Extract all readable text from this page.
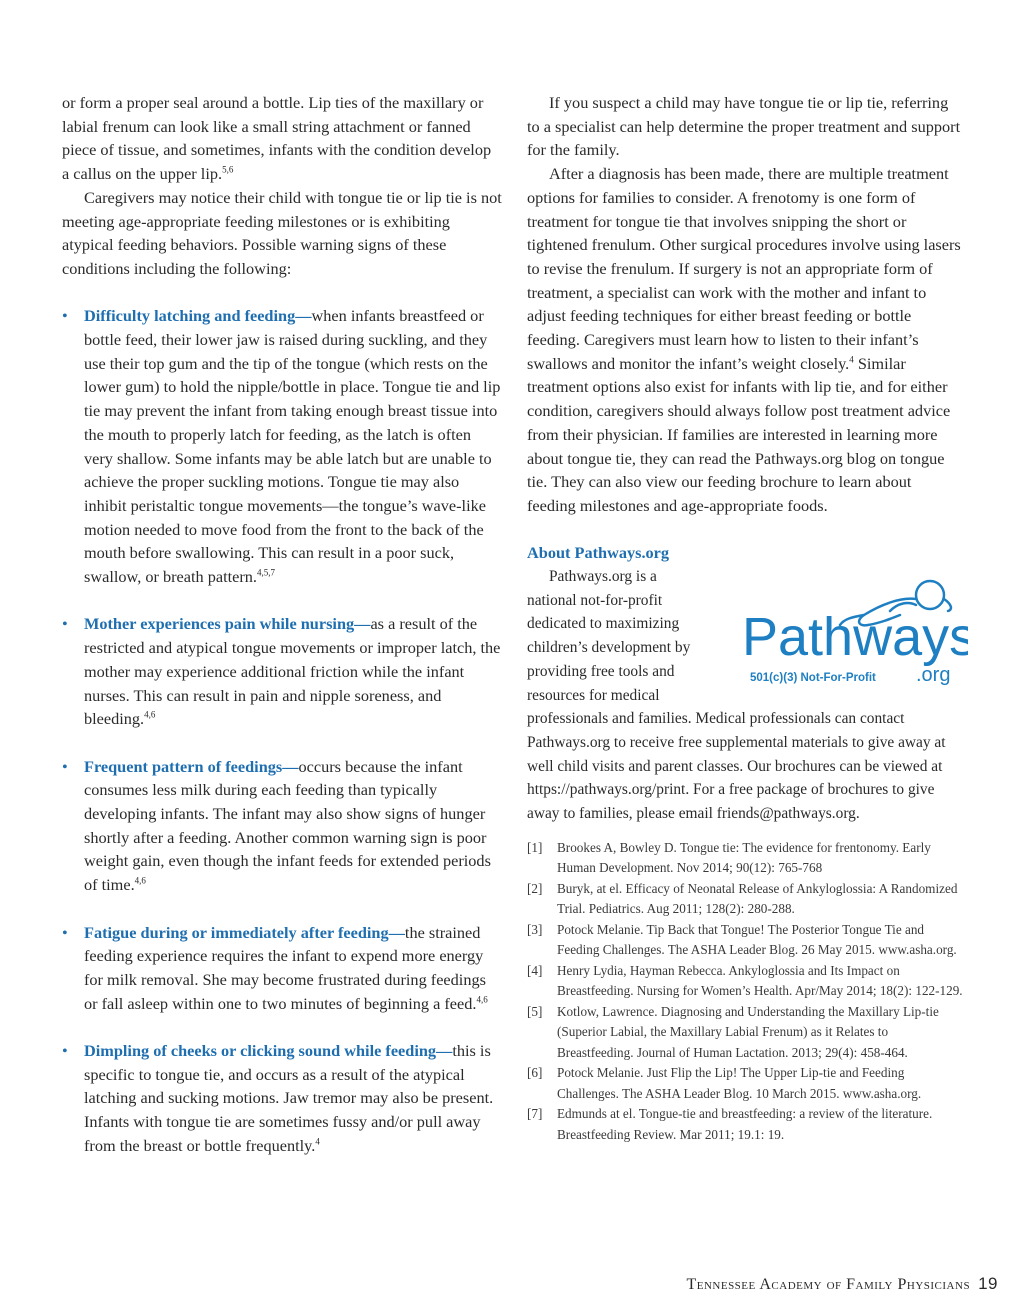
or form a proper seal around a bottle. Lip ties of the maxillary or labial frenum can look like a small string attachment or fanned piece of tissue, and sometimes, infants with the condition develop a callus on the upper lip.$^{5,6}$

Caregivers may notice their child with tongue tie or lip tie is not meeting age-appropriate feeding milestones or is exhibiting atypical feeding behaviors. Possible warning signs of these conditions including the following:

• Difficulty latching and feeding—when infants breastfeed or bottle feed, their lower jaw is raised during suckling, and they use their top gum and the tip of the tongue (which rests on the lower gum) to hold the nipple/bottle in place. Tongue tie and lip tie may prevent the infant from taking enough breast tissue into the mouth to properly latch for feeding, as the latch is often very shallow. Some infants may be able latch but are unable to achieve the proper suckling motions. Tongue tie may also inhibit peristaltic tongue movements—the tongue’s wave-like motion needed to move food from the front to the back of the mouth before swallowing. This can result in a poor suck, swallow, or breath pattern.$^{4,5,7}$
• Mother experiences pain while nursing—as a result of the restricted and atypical tongue movements or improper latch, the mother may experience additional friction while the infant nurses. This can result in pain and nipple soreness, and bleeding.$^{4,6}$
• Frequent pattern of feedings—occurs because the infant consumes less milk during each feeding than typically developing infants. The infant may also show signs of hunger shortly after a feeding. Another common warning sign is poor weight gain, even though the infant feeds for extended periods of time.$^{4,6}$
• Fatigue during or immediately after feeding—the strained feeding experience requires the infant to expend more energy for milk removal. She may become frustrated during feedings or fall asleep within one to two minutes of beginning a feed.$^{4,6}$
• Dimpling of cheeks or clicking sound while feeding—this is specific to tongue tie, and occurs as a result of the atypical latching and sucking motions. Jaw tremor may also be present. Infants with tongue tie are sometimes fussy and/or pull away from the breast or bottle frequently.$^4$

If you suspect a child may have tongue tie or lip tie, referring to a specialist can help determine the proper treatment and support for the family.

After a diagnosis has been made, there are multiple treatment options for families to consider. A frenotomy is one form of treatment for tongue tie that involves snipping the short or tightened frenulum. Other surgical procedures involve using lasers to revise the frenulum. If surgery is not an appropriate form of treatment, a specialist can work with the mother and infant to adjust feeding techniques for either breast feeding or bottle feeding. Caregivers must learn how to listen to their infant’s swallows and monitor the infant’s weight closely.$^4$ Similar treatment options also exist for infants with lip tie, and for either condition, caregivers should always follow post treatment advice from their physician. If families are interested in learning more about tongue tie, they can read the Pathways.org blog on tongue tie. They can also view our feeding brochure to learn about feeding milestones and age-appropriate foods.

About Pathways.org
Pathways
501(c)(3) Not-For-Profit .org
Pathways.org is a
national not-for-profit
dedicated to maximizing
children’s development by
providing free tools and
resources for medical

professionals and families. Medical professionals can contact Pathways.org to receive free supplemental materials to give away at well child visits and parent classes. Our brochures can be viewed at https://pathways.org/print. For a free package of brochures to give away to families, please email friends@pathways.org.

[1] Brookes A, Bowley D. Tongue tie: The evidence for frentonomy. Early Human Development. Nov 2014; 90(12): 765-768
[2] Buryk, at el. Efficacy of Neonatal Release of Ankyloglossia: A Randomized Trial. Pediatrics. Aug 2011; 128(2): 280-288.
[3] Potock Melanie. Tip Back that Tongue! The Posterior Tongue Tie and Feeding Challenges. The ASHA Leader Blog. 26 May 2015. www.asha.org.
[4] Henry Lydia, Hayman Rebecca. Ankyloglossia and Its Impact on Breastfeeding. Nursing for Women’s Health. Apr/May 2014; 18(2): 122-129.
[5] Kotlow, Lawrence. Diagnosing and Understanding the Maxillary Lip-tie (Superior Labial, the Maxillary Labial Frenum) as it Relates to Breastfeeding. Journal of Human Lactation. 2013; 29(4): 458-464.
[6] Potock Melanie. Just Flip the Lip! The Upper Lip-tie and Feeding Challenges. The ASHA Leader Blog. 10 March 2015. www.asha.org.
[7] Edmunds at el. Tongue-tie and breastfeeding: a review of the literature. Breastfeeding Review. Mar 2011; 19.1: 19.
Tennessee Academy of Family Physicians 19
